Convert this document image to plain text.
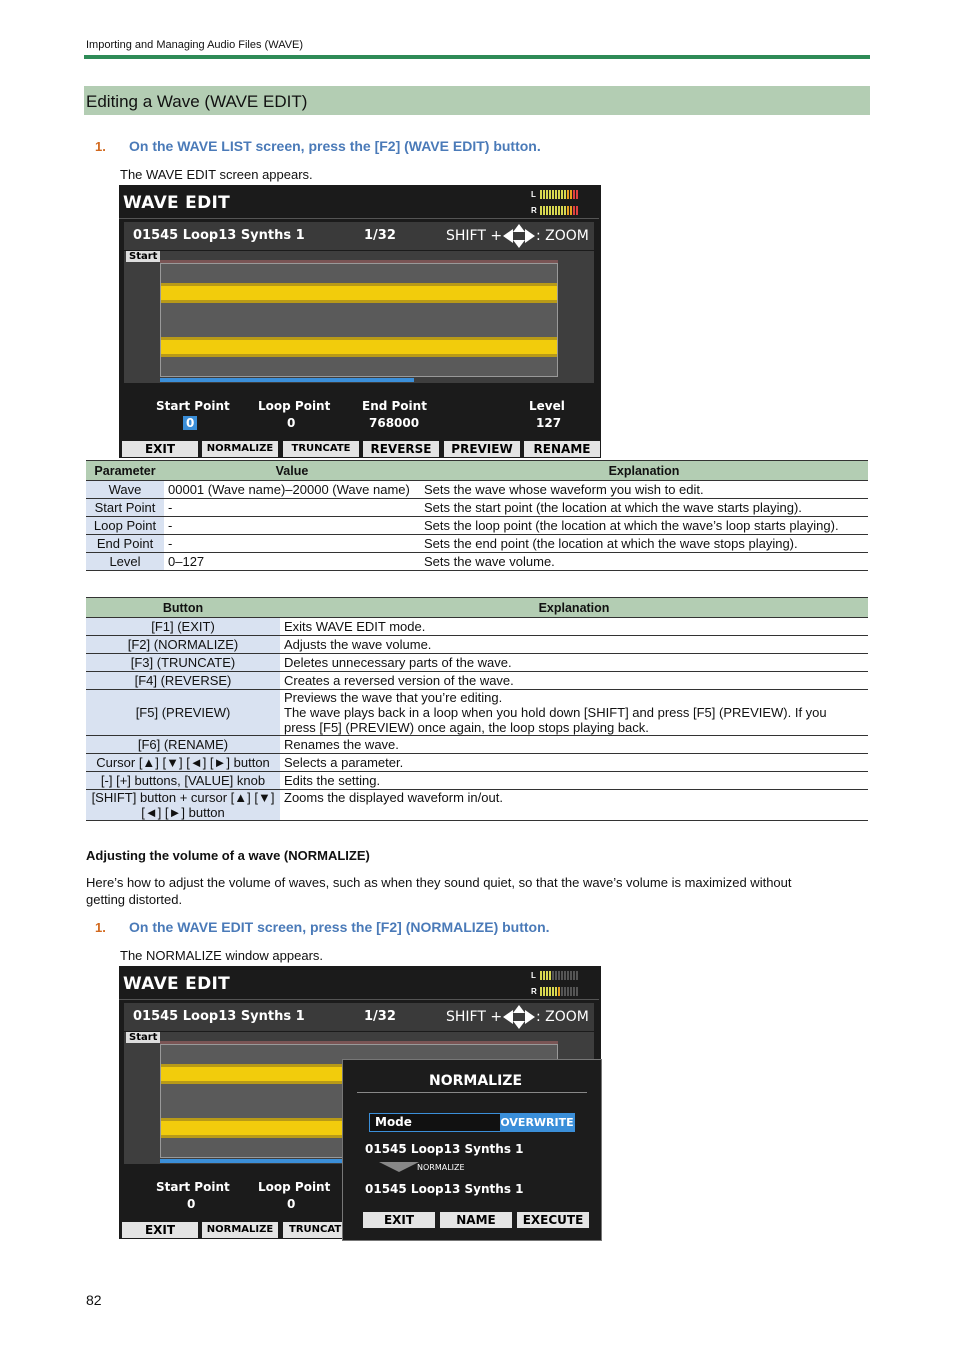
Importing and Managing Audio Files (WAVE)
Editing a Wave (WAVE EDIT)
1. On the WAVE LIST screen, press the [F2] (WAVE EDIT) button.
The WAVE EDIT screen appears.
WAVE EDIT	L
R
01545 Loop13 Synths 1	1/32	SHIFT + : ZOOM
Start
Start Point Loop Point	End Point	Level
0	0	768000	127
EXIT	NORMALIZE	TRUNCATE	REVERSE	PREVIEW	RENAME
Parameter	Value	Explanation
Wave	00001 (Wave name)–20000 (Wave name)	Sets the wave whose waveform you wish to edit.
Start Point	-	Sets the start point (the location at which the wave starts playing).
Loop Point	-	Sets the loop point (the location at which the wave’s loop starts playing).
End Point	-	Sets the end point (the location at which the wave stops playing).
Level	0–127	Sets the wave volume.
Button	Explanation
[F1] (EXIT)	Exits WAVE EDIT mode.
[F2] (NORMALIZE)	Adjusts the wave volume.
[F3] (TRUNCATE)	Deletes unnecessary parts of the wave.
[F4] (REVERSE)	Creates a reversed version of the wave.
[F5] (PREVIEW)	Previews the wave that you’re editing.
The wave plays back in a loop when you hold down [SHIFT] and press [F5] (PREVIEW). If you
press [F5] (PREVIEW) once again, the loop stops playing back.

[F6] (RENAME)	Renames the wave.
Cursor [▲] [▼] [◄] [►] button	Selects a parameter.
[-] [+] buttons, [VALUE] knob	Edits the setting.

[SHIFT] button + cursor [▲] [▼]
[◄] [►] button	Zooms the displayed waveform in/out.
Adjusting the volume of a wave (NORMALIZE)
Here’s how to adjust the volume of waves, such as when they sound quiet, so that the wave’s volume is maximized without
getting distorted.
1. On the WAVE EDIT screen, press the [F2] (NORMALIZE) button.
The NORMALIZE window appears.
WAVE EDIT	L
R
01545 Loop13 Synths 1	1/32	SHIFT + : ZOOM
Start
Start Point Loop Point
0	0
EXIT	NORMALIZE	TRUNCAT
NORMALIZE
Mode	OVERWRITE
01545 Loop13 Synths 1
NORMALIZE
01545 Loop13 Synths 1
EXIT	NAME	EXECUTE
82
